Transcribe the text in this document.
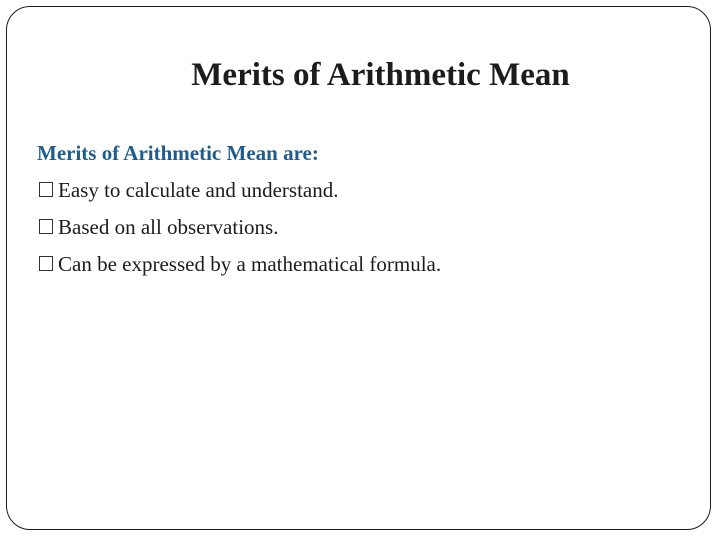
Merits of Arithmetic Mean
Merits of Arithmetic Mean are:
Easy to calculate and understand.
Based on all observations.
Can be expressed by a mathematical formula.
